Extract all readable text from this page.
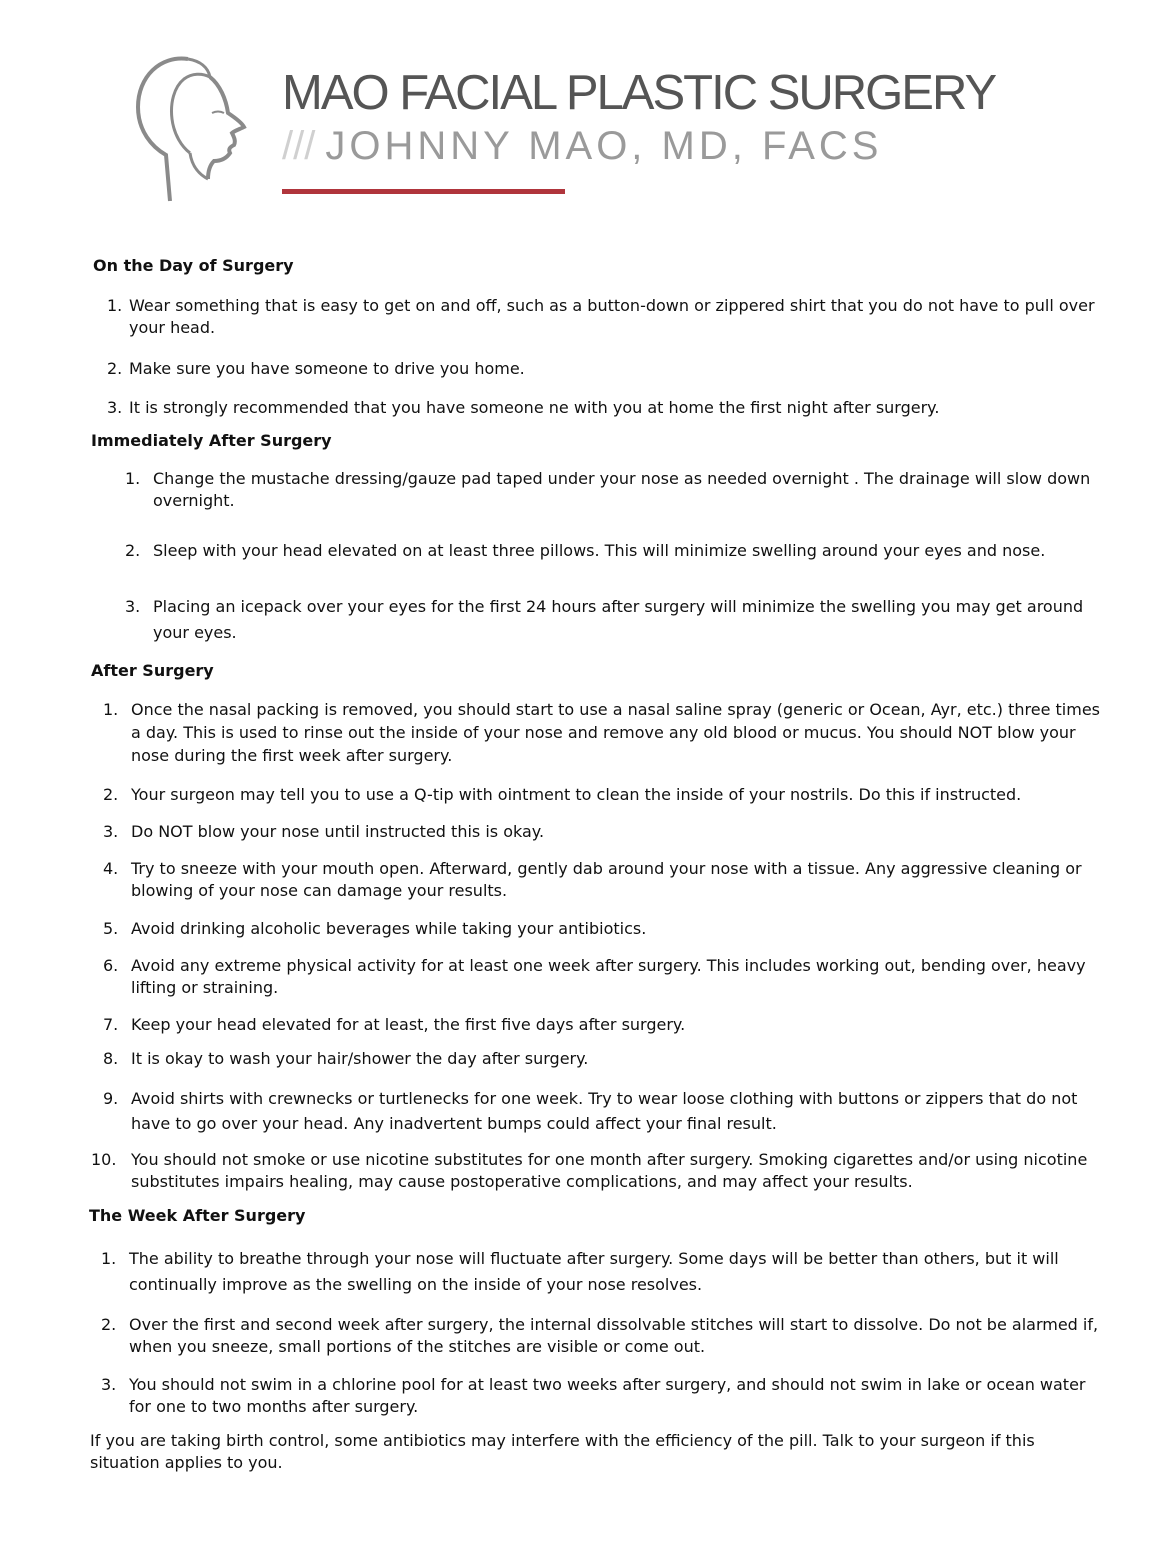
MAO FACIAL PLASTIC SURGERY
/// JOHNNY MAO, MD, FACS
On the Day of Surgery
1. Wear something that is easy to get on and off, such as a button-down or zippered shirt that you do not have to pull over your head.
2. Make sure you have someone to drive you home.
3. It is strongly recommended that you have someone ne with you at home the first night after surgery.
Immediately After Surgery
1. Change the mustache dressing/gauze pad taped under your nose as needed overnight . The drainage will slow down overnight.
2. Sleep with your head elevated on at least three pillows. This will minimize swelling around your eyes and nose.
3. Placing an icepack over your eyes for the first 24 hours after surgery will minimize the swelling you may get around your eyes.
After Surgery
1. Once the nasal packing is removed, you should start to use a nasal saline spray (generic or Ocean, Ayr, etc.) three times a day. This is used to rinse out the inside of your nose and remove any old blood or mucus. You should NOT blow your nose during the first week after surgery.
2. Your surgeon may tell you to use a Q-tip with ointment to clean the inside of your nostrils. Do this if instructed.
3. Do NOT blow your nose until instructed this is okay.
4. Try to sneeze with your mouth open. Afterward, gently dab around your nose with a tissue. Any aggressive cleaning or blowing of your nose can damage your results.
5. Avoid drinking alcoholic beverages while taking your antibiotics.
6. Avoid any extreme physical activity for at least one week after surgery. This includes working out, bending over, heavy lifting or straining.
7. Keep your head elevated for at least, the first five days after surgery.
8. It is okay to wash your hair/shower the day after surgery.
9. Avoid shirts with crewnecks or turtlenecks for one week. Try to wear loose clothing with buttons or zippers that do not have to go over your head. Any inadvertent bumps could affect your final result.
10. You should not smoke or use nicotine substitutes for one month after surgery. Smoking cigarettes and/or using nicotine substitutes impairs healing, may cause postoperative complications, and may affect your results.
The Week After Surgery
1. The ability to breathe through your nose will fluctuate after surgery. Some days will be better than others, but it will continually improve as the swelling on the inside of your nose resolves.
2. Over the first and second week after surgery, the internal dissolvable stitches will start to dissolve. Do not be alarmed if, when you sneeze, small portions of the stitches are visible or come out.
3. You should not swim in a chlorine pool for at least two weeks after surgery, and should not swim in lake or ocean water for one to two months after surgery.
If you are taking birth control, some antibiotics may interfere with the efficiency of the pill. Talk to your surgeon if this situation applies to you.
